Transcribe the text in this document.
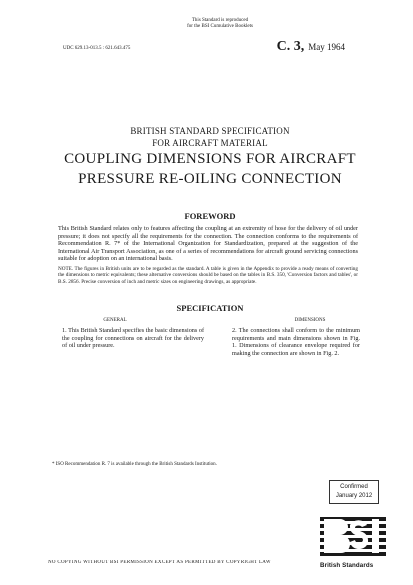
This Standard is reproduced
for the BSI Cumulative Booklets
UDC 629.13-013.5 : 621.643.475	C. 3, May 1964
BRITISH STANDARD SPECIFICATION
FOR AIRCRAFT MATERIAL
COUPLING DIMENSIONS FOR AIRCRAFT
PRESSURE RE-OILING CONNECTION
FOREWORD
This British Standard relates only to features affecting the coupling at an extremity of hose for the delivery of oil under pressure; it does not specify all the requirements for the connection. The connection conforms to the requirements of Recommendation R. 7* of the International Organization for Standardization, prepared at the suggestion of the International Air Transport Association, as one of a series of recommendations for aircraft ground servicing connections suitable for adoption on an international basis.
NOTE. The figures in British units are to be regarded as the standard. A table is given in the Appendix to provide a ready means of converting the dimensions to metric equivalents; these alternative conversions should be based on the tables in B.S. 350, 'Conversion factors and tables', or B.S. 2856. Precise conversion of inch and metric sizes on engineering drawings, as appropriate.
SPECIFICATION
GENERAL	DIMENSIONS
1. This British Standard specifies the basic dimensions of the coupling for connections on aircraft for the delivery of oil under pressure.
2. The connections shall conform to the minimum requirements and main dimensions shown in Fig. 1. Dimensions of clearance envelope required for making the connection are shown in Fig. 2.
* ISO Recommendation R. 7 is available through the British Standards Institution.
Confirmed
January 2012
British Standards
NO COPYING WITHOUT BSI PERMISSION EXCEPT AS PERMITTED BY COPYRIGHT LAW
